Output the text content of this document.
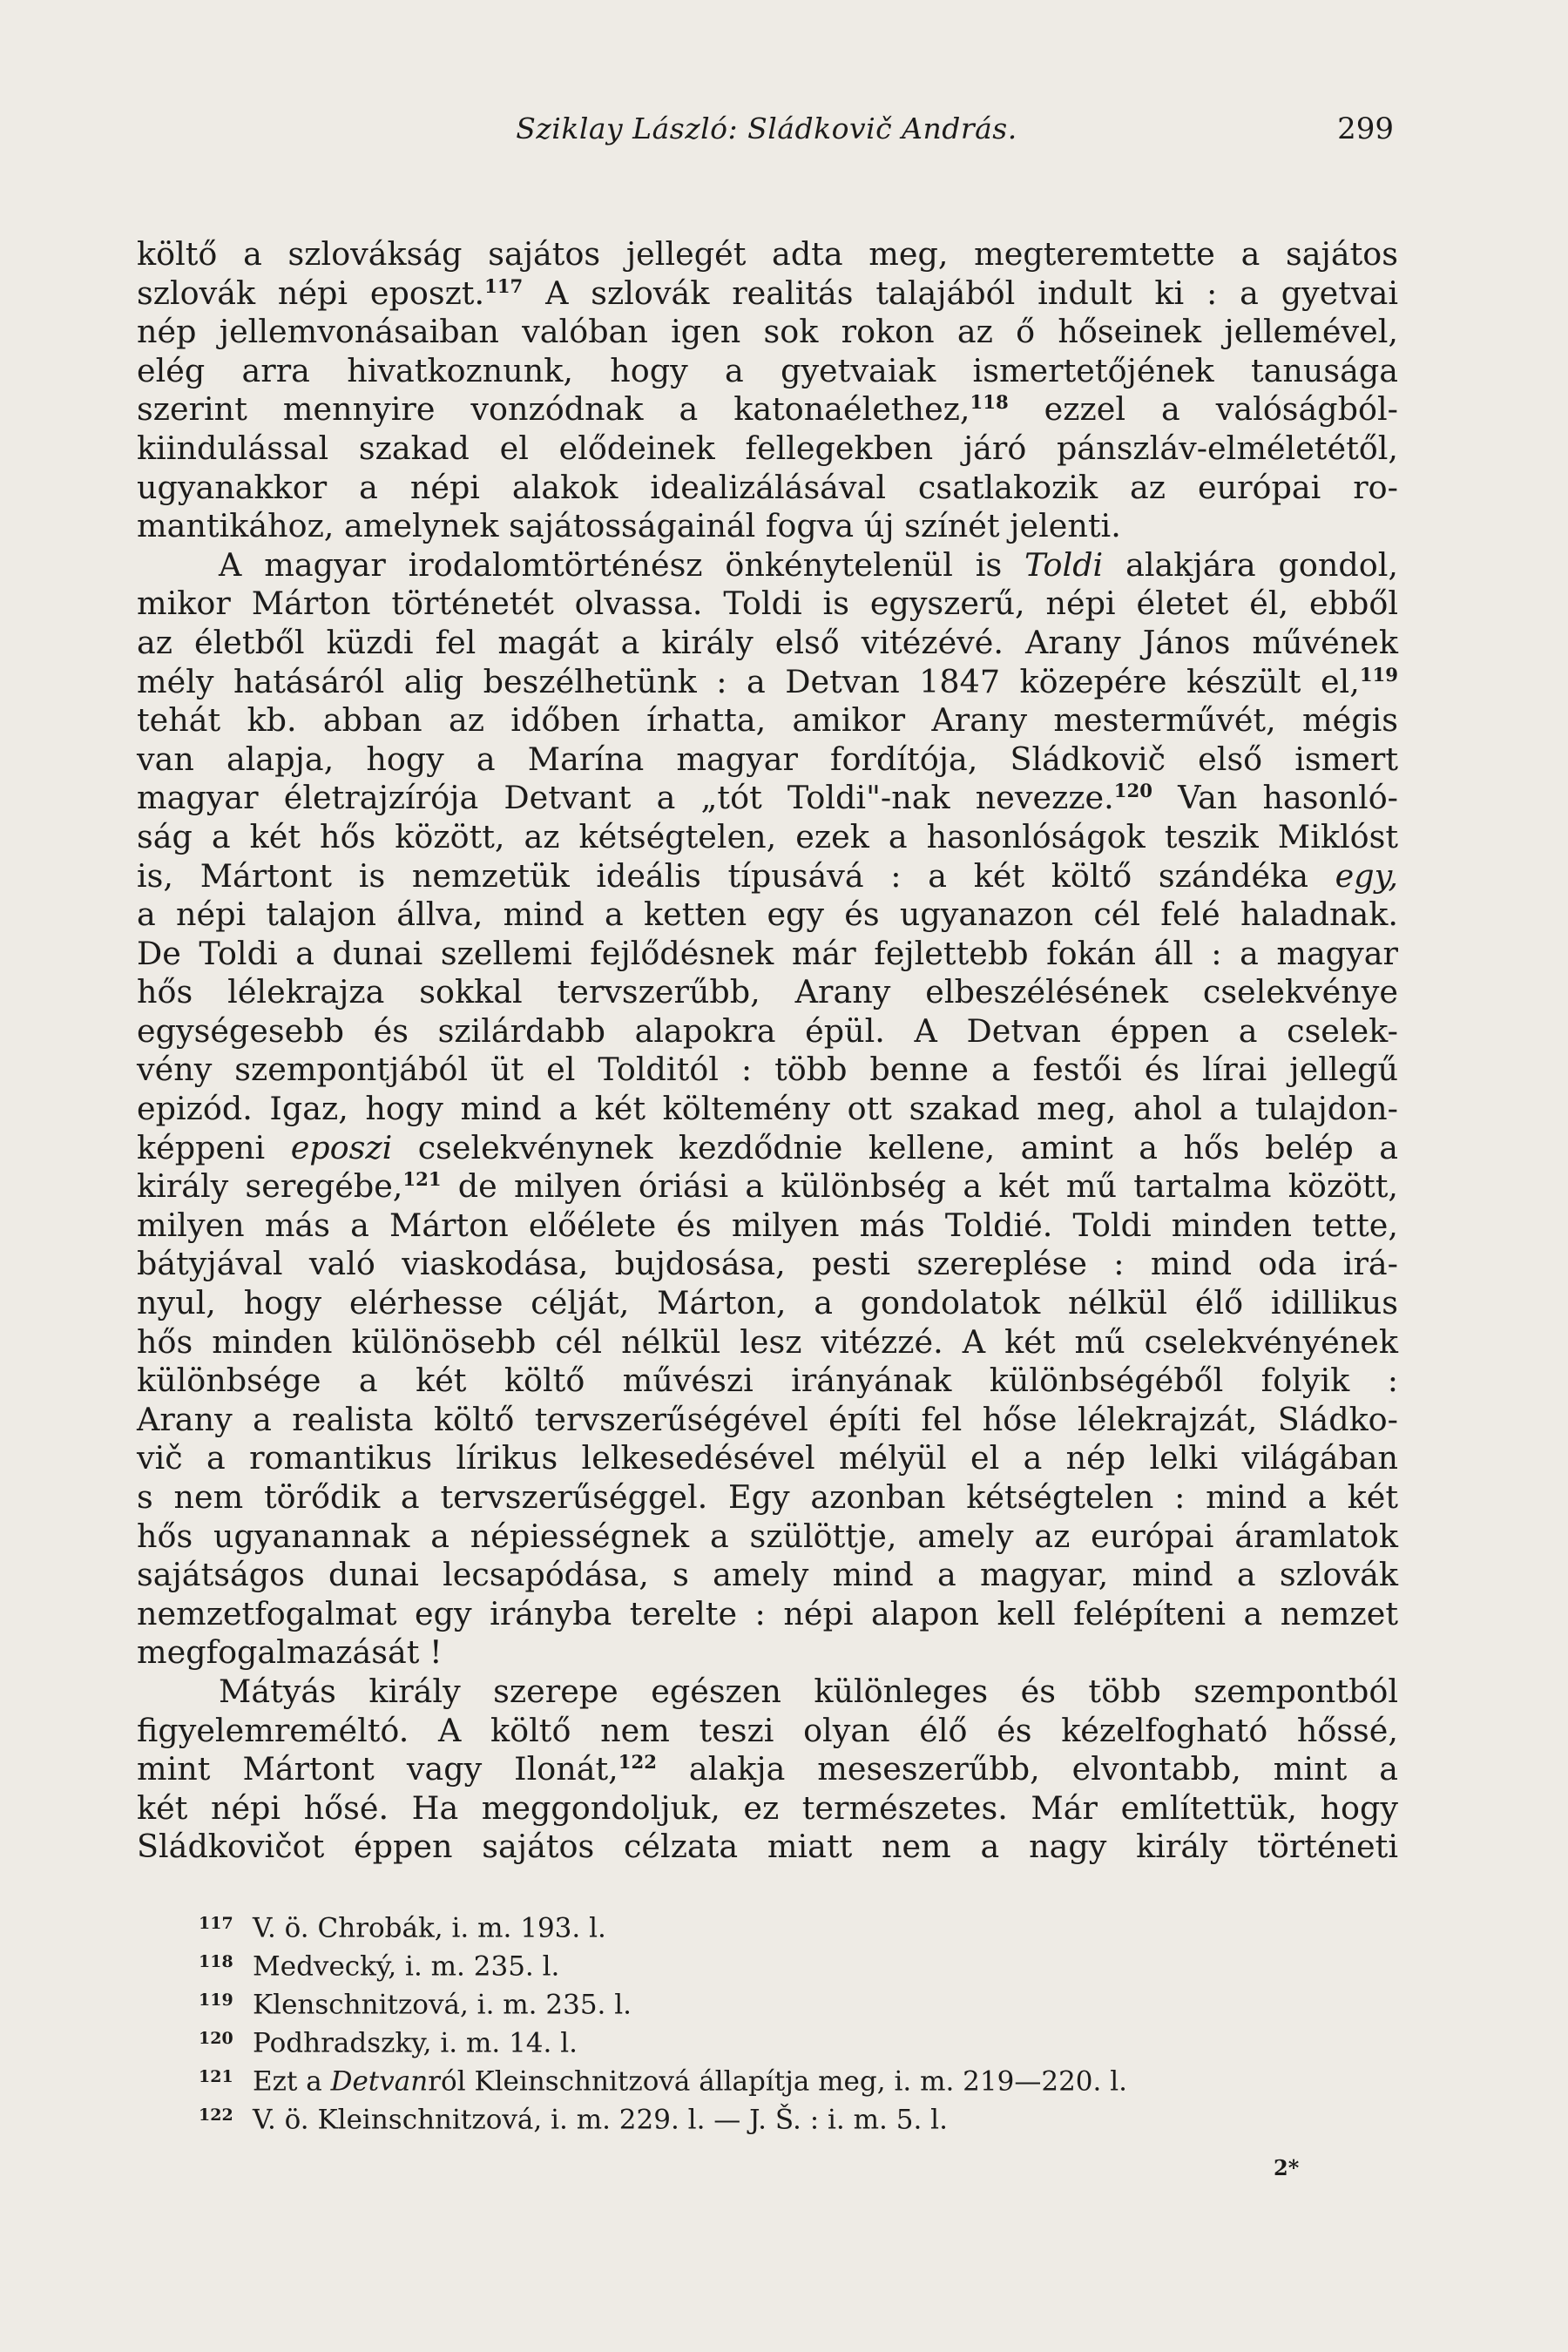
Sziklay László: Sládkovič András.	299
költő a szlovákság sajátos jellegét adta meg, megteremtette a sajátos
szlovák népi eposzt.$^{117}$ A szlovák realitás talajából indult ki : a gyetvai
nép jellemvonásaiban valóban igen sok rokon az ő hőseinek jellemével,
elég arra hivatkoznunk, hogy a gyetvaiak ismertetőjének tanusága
szerint mennyire vonzódnak a katonaélethez,$^{118}$ ezzel a valóságból-
kiindulással szakad el elődeinek fellegekben járó pánszláv-elméletétől,
ugyanakkor a népi alakok idealizálásával csatlakozik az európai ro-
mantikához, amelynek sajátosságainál fogva új színét jelenti.
A magyar irodalomtörténész önkénytelenül is Toldi alakjára gondol,
mikor Márton történetét olvassa. Toldi is egyszerű, népi életet él, ebből
az életből küzdi fel magát a király első vitézévé. Arany János művének
mély hatásáról alig beszélhetünk : a Detvan 1847 közepére készült el,$^{119}$
tehát kb. abban az időben írhatta, amikor Arany mesterművét, mégis
van alapja, hogy a Marína magyar fordítója, Sládkovič első ismert
magyar életrajzírója Detvant a „tót Toldi"-nak nevezze.$^{120}$ Van hasonló-
ság a két hős között, az kétségtelen, ezek a hasonlóságok teszik Miklóst
is, Mártont is nemzetük ideális típusává : a két költő szándéka egy,
a népi talajon állva, mind a ketten egy és ugyanazon cél felé haladnak.
De Toldi a dunai szellemi fejlődésnek már fejlettebb fokán áll : a magyar
hős lélekrajza sokkal tervszerűbb, Arany elbeszélésének cselekvénye
egységesebb és szilárdabb alapokra épül. A Detvan éppen a cselek-
vény szempontjából üt el Tolditól : több benne a festői és lírai jellegű
epizód. Igaz, hogy mind a két költemény ott szakad meg, ahol a tulajdon-
képpeni eposzi cselekvénynek kezdődnie kellene, amint a hős belép a
király seregébe,$^{121}$ de milyen óriási a különbség a két mű tartalma között,
milyen más a Márton előélete és milyen más Toldié. Toldi minden tette,
bátyjával való viaskodása, bujdosása, pesti szereplése : mind oda irá-
nyul, hogy elérhesse célját, Márton, a gondolatok nélkül élő idillikus
hős minden különösebb cél nélkül lesz vitézzé. A két mű cselekvényének
különbsége a két költő művészi irányának különbségéből folyik :
Arany a realista költő tervszerűségével építi fel hőse lélekrajzát, Sládko-
vič a romantikus lírikus lelkesedésével mélyül el a nép lelki világában
s nem törődik a tervszerűséggel. Egy azonban kétségtelen : mind a két
hős ugyanannak a népiességnek a szülöttje, amely az európai áramlatok
sajátságos dunai lecsapódása, s amely mind a magyar, mind a szlovák
nemzetfogalmat egy irányba terelte : népi alapon kell felépíteni a nemzet
megfogalmazását !
Mátyás király szerepe egészen különleges és több szempontból
figyelemreméltó. A költő nem teszi olyan élő és kézelfogható hőssé,
mint Mártont vagy Ilonát,$^{122}$ alakja meseszerűbb, elvontabb, mint a
két népi hősé. Ha meggondoljuk, ez természetes. Már említettük, hogy
Sládkovičot éppen sajátos célzata miatt nem a nagy király történeti
117 V. ö. Chrobák, i. m. 193. l.
118 Medvecký, i. m. 235. l.
119 Klenschnitzová, i. m. 235. l.
120 Podhradszky, i. m. 14. l.
121 Ezt a Detvanról Kleinschnitzová állapítja meg, i. m. 219—220. l.
122 V. ö. Kleinschnitzová, i. m. 229. l. — J. Š. : i. m. 5. l.
2*
